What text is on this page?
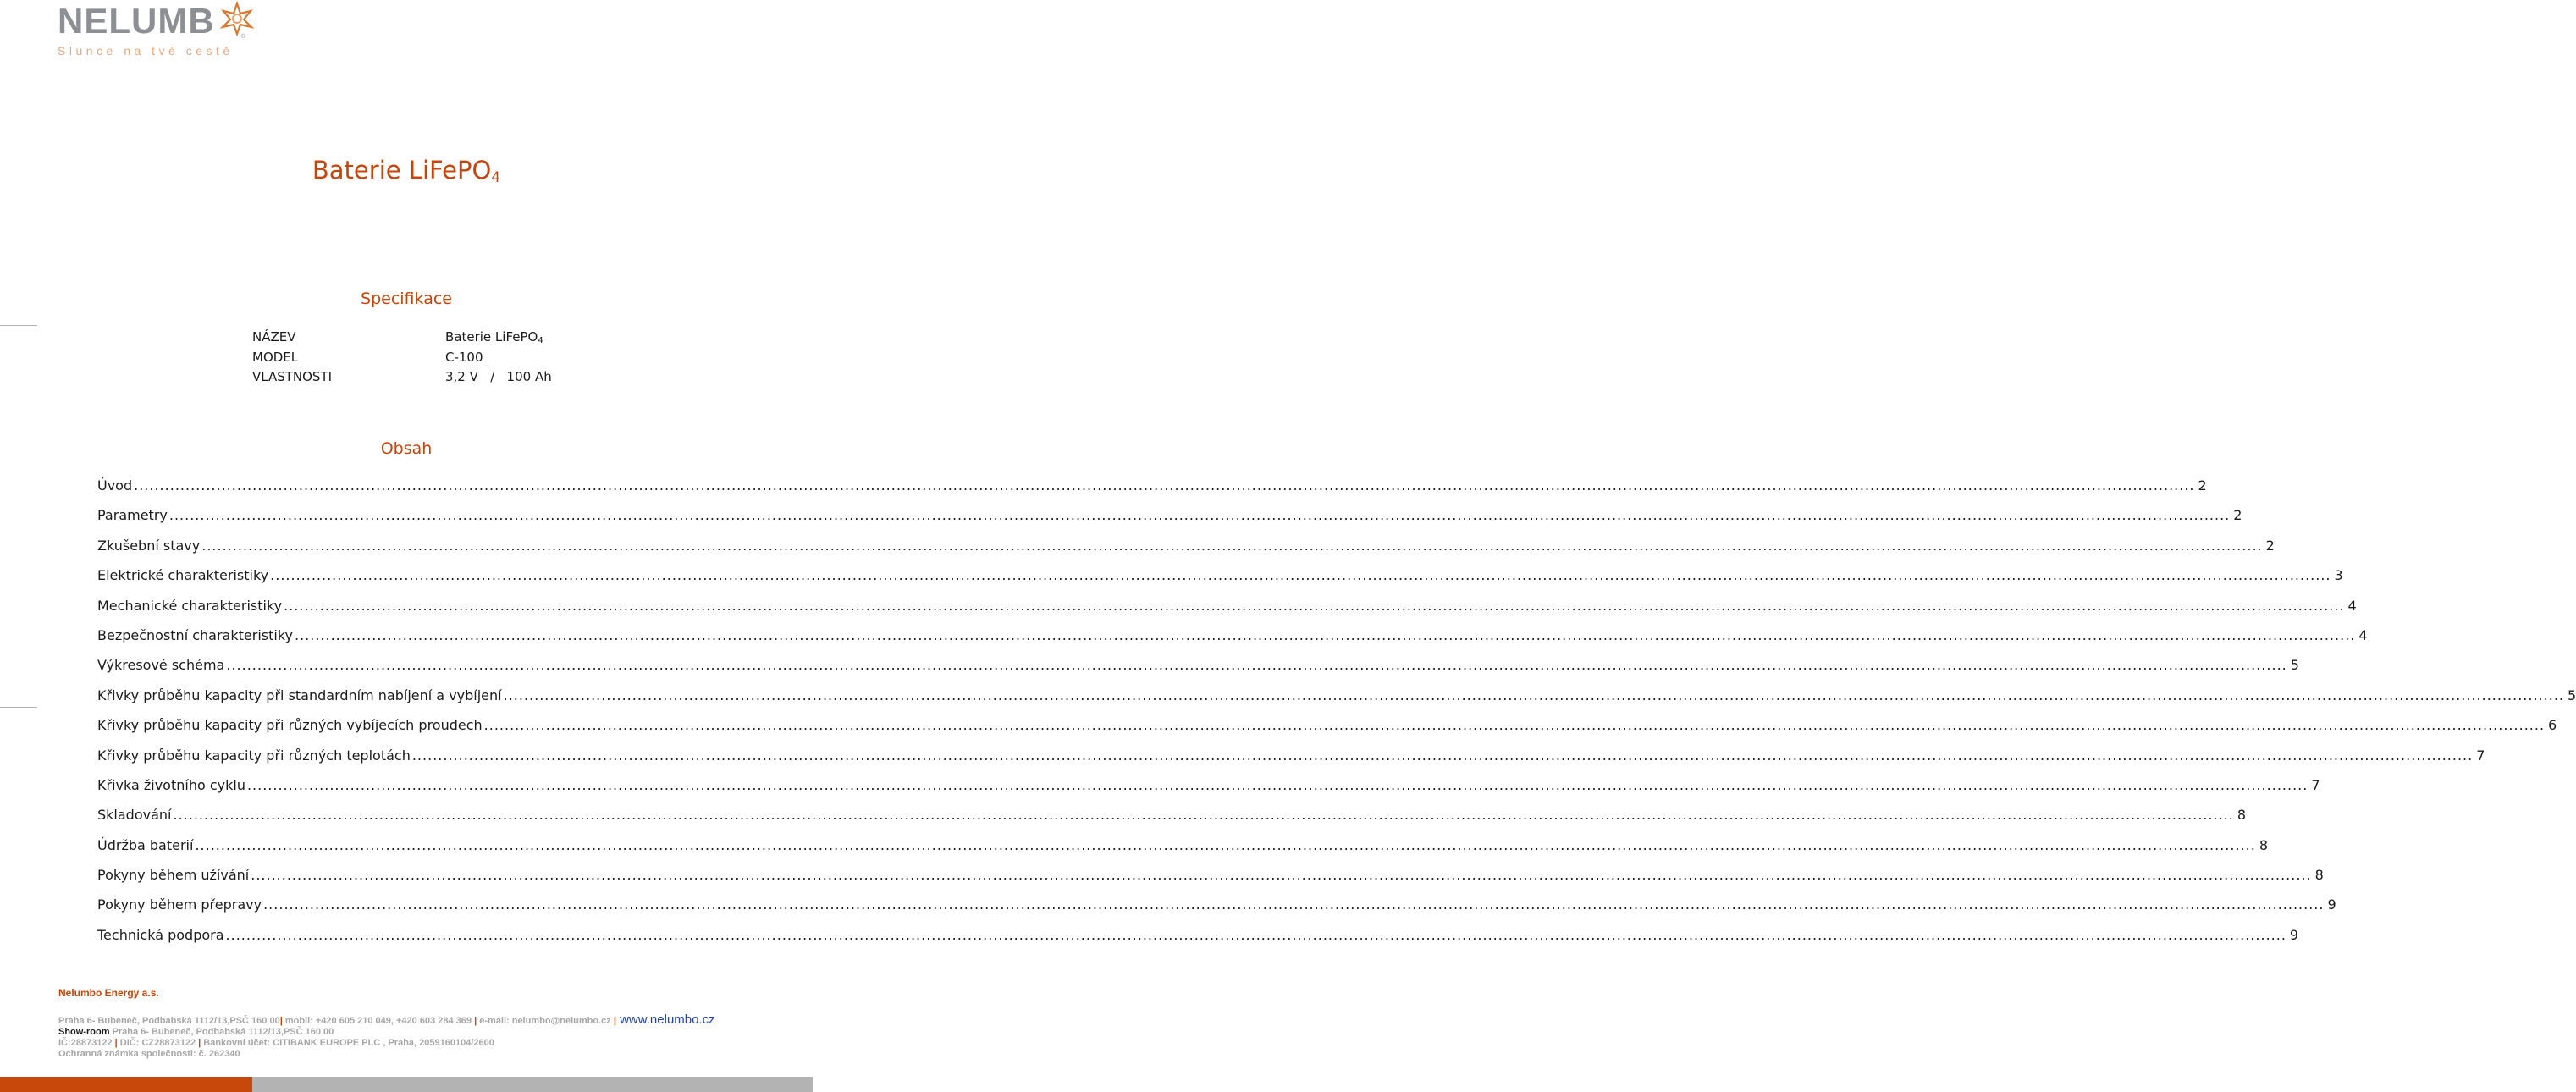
NELUMB	®
Slunce na tvé cestě
Baterie LiFePO$_4$
Specifikace
NÁZEV	Baterie LiFePO$_4$
MODEL	C-100
VLASTNOSTI	3,2 V   /   100 Ah
Obsah
Úvod ................................................................................................................................................................................................................................................................................................................................................................................................................ 2
Parametry ................................................................................................................................................................................................................................................................................................................................................................................................................ 2
Zkušební stavy ................................................................................................................................................................................................................................................................................................................................................................................................................ 2
Elektrické charakteristiky ................................................................................................................................................................................................................................................................................................................................................................................................................ 3
Mechanické charakteristiky ................................................................................................................................................................................................................................................................................................................................................................................................................ 4
Bezpečnostní charakteristiky ................................................................................................................................................................................................................................................................................................................................................................................................................ 4
Výkresové schéma ................................................................................................................................................................................................................................................................................................................................................................................................................ 5
Křivky průběhu kapacity při standardním nabíjení a vybíjení ................................................................................................................................................................................................................................................................................................................................................................................................................ 5
Křivky průběhu kapacity při různých vybíjecích proudech ................................................................................................................................................................................................................................................................................................................................................................................................................ 6
Křivky průběhu kapacity při různých teplotách ................................................................................................................................................................................................................................................................................................................................................................................................................ 7
Křivka životního cyklu ................................................................................................................................................................................................................................................................................................................................................................................................................ 7
Skladování ................................................................................................................................................................................................................................................................................................................................................................................................................ 8
Údržba baterií ................................................................................................................................................................................................................................................................................................................................................................................................................ 8
Pokyny během užívání ................................................................................................................................................................................................................................................................................................................................................................................................................ 8
Pokyny během přepravy ................................................................................................................................................................................................................................................................................................................................................................................................................ 9
Technická podpora ................................................................................................................................................................................................................................................................................................................................................................................................................ 9
Nelumbo Energy a.s.
Praha 6- Bubeneč, Podbabská 1112/13,PSČ 160 00| mobil: +420 605 210 049, +420 603 284 369 | e-mail: nelumbo@nelumbo.cz | www.nelumbo.cz
Show-room Praha 6- Bubeneč, Podbabská 1112/13,PSČ 160 00
IČ:28873122 | DIČ: CZ28873122 | Bankovní účet: CITIBANK EUROPE PLC , Praha, 2059160104/2600
Ochranná známka společnosti: č. 262340
